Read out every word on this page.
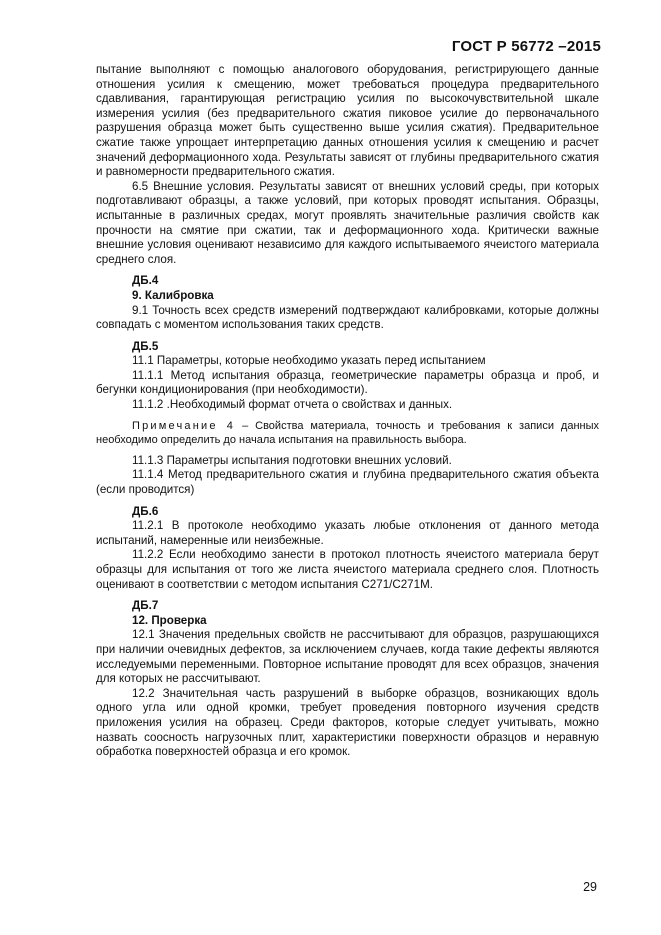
ГОСТ Р 56772 –2015

пытание выполняют с помощью аналогового оборудования, регистрирующего данные отношения усилия к смещению, может требоваться процедура предварительного сдавливания, гарантирующая регистрацию усилия по высокочувствительной шкале измерения усилия (без предварительного сжатия пиковое усилие до первоначального разрушения образца может быть существенно выше усилия сжатия). Предварительное сжатие также упрощает интерпретацию данных отношения усилия к смещению и расчет значений деформационного хода. Результаты зависят от глубины предварительного сжатия и равномерности предварительного сжатия.

6.5 Внешние условия. Результаты зависят от внешних условий среды, при которых подготавливают образцы, а также условий, при которых проводят испытания. Образцы, испытанные в различных средах, могут проявлять значительные различия свойств как прочности на смятие при сжатии, так и деформационного хода. Критически важные внешние условия оценивают независимо для каждого испытываемого ячеистого материала среднего слоя.

ДБ.4

9. Калибровка

9.1 Точность всех средств измерений подтверждают калибровками, которые должны совпадать с моментом использования таких средств.

ДБ.5

11.1 Параметры, которые необходимо указать перед испытанием

11.1.1 Метод испытания образца, геометрические параметры образца и проб, и бегунки кондиционирования (при необходимости).

11.1.2 .Необходимый формат отчета о свойствах и данных.

Примечание 4 – Свойства материала, точность и требования к записи данных необходимо определить до начала испытания на правильность выбора.

11.1.3 Параметры испытания подготовки внешних условий.

11.1.4 Метод предварительного сжатия и глубина предварительного сжатия объекта (если проводится)

ДБ.6

11.2.1 В протоколе необходимо указать любые отклонения от данного метода испытаний, намеренные или неизбежные.

11.2.2 Если необходимо занести в протокол плотность ячеистого материала берут образцы для испытания от того же листа ячеистого материала среднего слоя. Плотность оценивают в соответствии с методом испытания C271/C271M.

ДБ.7

12. Проверка

12.1 Значения предельных свойств не рассчитывают для образцов, разрушающихся при наличии очевидных дефектов, за исключением случаев, когда такие дефекты являются исследуемыми переменными. Повторное испытание проводят для всех образцов, значения для которых не рассчитывают.

12.2 Значительная часть разрушений в выборке образцов, возникающих вдоль одного угла или одной кромки, требует проведения повторного изучения средств приложения усилия на образец. Среди факторов, которые следует учитывать, можно назвать соосность нагрузочных плит, характеристики поверхности образцов и неравную обработка поверхностей образца и его кромок.

29
